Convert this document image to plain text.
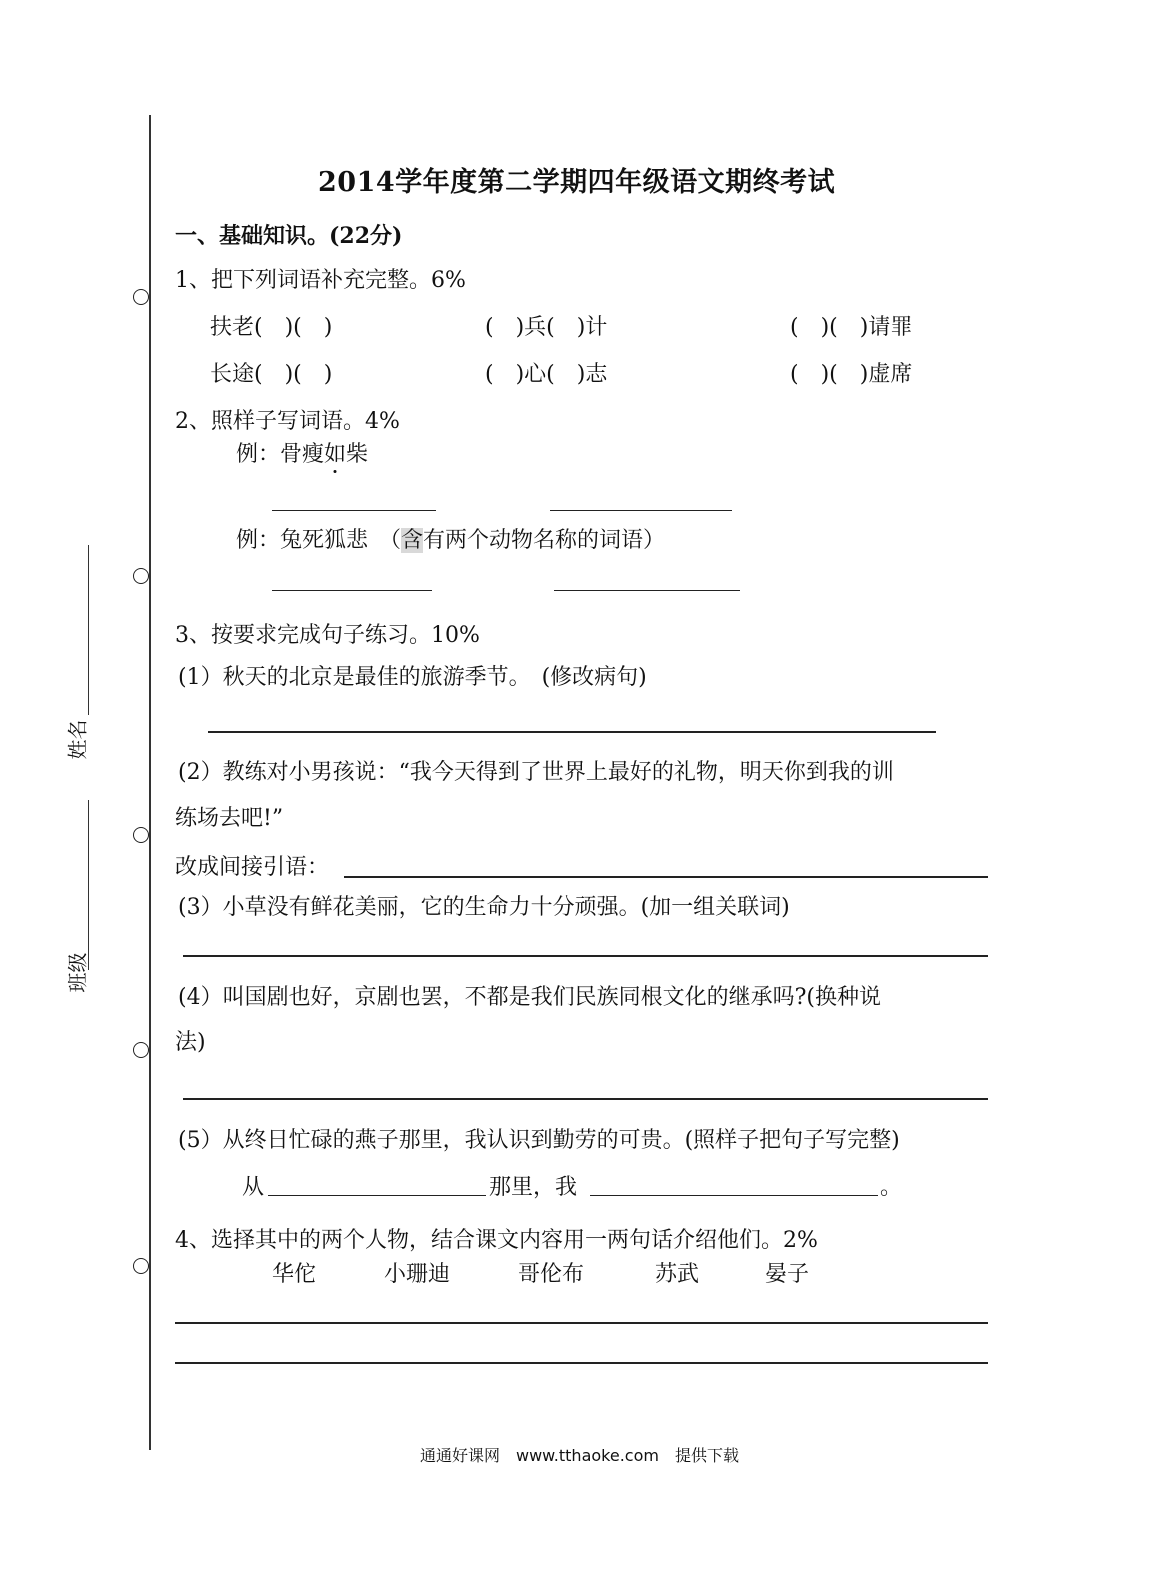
姓名
班级
2014学年度第二学期四年级语文期终考试
一、基础知识。(22分)
1、把下列词语补充完整。6%
扶老(　)(　)	(　)兵(　)计	(　)(　)请罪
长途(　)(　)	(　)心(　)志	(　)(　)虚席
2、照样子写词语。4%
例：骨瘦如柴
例：兔死狐悲　（含有两个动物名称的词语）
3、按要求完成句子练习。10%
(1）秋天的北京是最佳的旅游季节。　(修改病句)
(2）教练对小男孩说：“我今天得到了世界上最好的礼物，明天你到我的训
练场去吧!”
改成间接引语：
(3）小草没有鲜花美丽，它的生命力十分顽强。(加一组关联词)
(4）叫国剧也好，京剧也罢，不都是我们民族同根文化的继承吗?(换种说
法)
(5）从终日忙碌的燕子那里，我认识到勤劳的可贵。(照样子把句子写完整)
从	那里，我	。
4、选择其中的两个人物，结合课文内容用一两句话介绍他们。2%
华佗	小珊迪	哥伦布	苏武	晏子
通通好课网　www.tthaoke.com　提供下载
